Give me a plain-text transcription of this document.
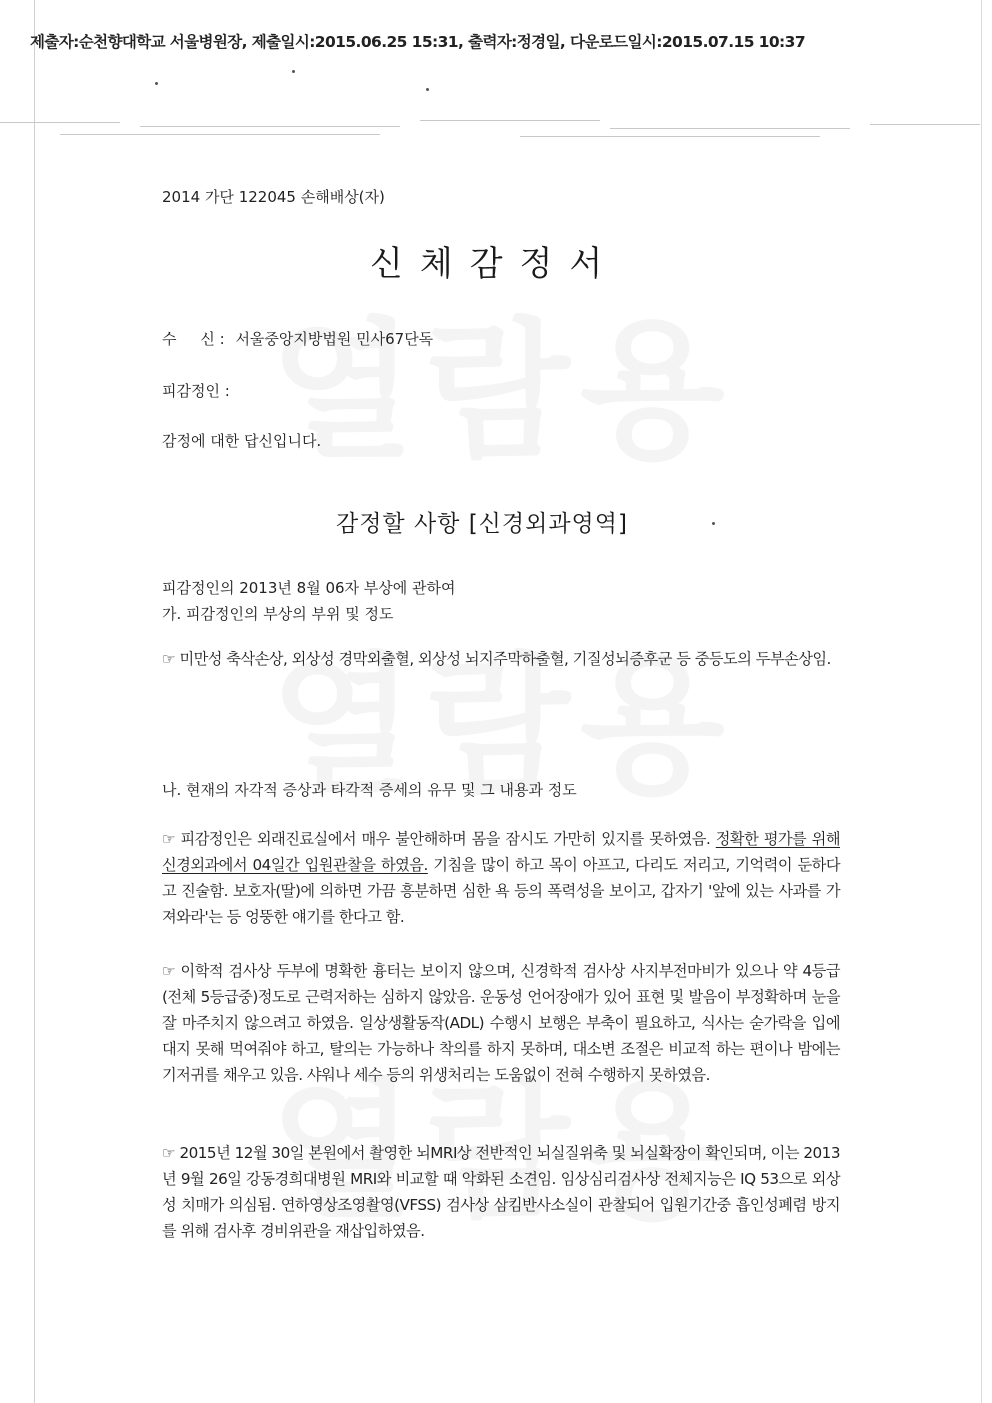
제출자:순천향대학교 서울병원장, 제출일시:2015.06.25 15:31, 출력자:정경일, 다운로드일시:2015.07.15 10:37
2014 가단 122045 손해배상(자)
신체감정서
수     신 : 서울중앙지방법원 민사67단독
피감정인 :
감정에 대한 답신입니다.
감정할 사항 [신경외과영역]
피감정인의 2013년 8월 06자 부상에 관하여
가. 피감정인의 부상의 부위 및 정도
☞ 미만성 축삭손상, 외상성 경막외출혈, 외상성 뇌지주막하출혈, 기질성뇌증후군 등 중등도의 두부손상임.
나. 현재의 자각적 증상과 타각적 증세의 유무 및 그 내용과 정도
☞ 피감정인은 외래진료실에서 매우 불안해하며 몸을 잠시도 가만히 있지를 못하였음. 정확한 평가를 위해 신경외과에서 04일간 입원관찰을 하였음. 기침을 많이 하고 목이 아프고, 다리도 저리고, 기억력이 둔하다고 진술함. 보호자(딸)에 의하면 가끔 흥분하면 심한 욕 등의 폭력성을 보이고, 갑자기 '앞에 있는 사과를 가져와라'는 등 엉뚱한 얘기를 한다고 함.
☞ 이학적 검사상 두부에 명확한 흉터는 보이지 않으며, 신경학적 검사상 사지부전마비가 있으나 약 4등급(전체 5등급중)정도로 근력저하는 심하지 않았음. 운동성 언어장애가 있어 표현 및 발음이 부정확하며 눈을 잘 마주치지 않으려고 하였음. 일상생활동작(ADL) 수행시 보행은 부축이 필요하고, 식사는 숟가락을 입에 대지 못해 먹여줘야 하고, 탈의는 가능하나 착의를 하지 못하며, 대소변 조절은 비교적 하는 편이나 밤에는 기저귀를 채우고 있음. 샤워나 세수 등의 위생처리는 도움없이 전혀 수행하지 못하였음.
☞ 2015년 12월 30일 본원에서 촬영한 뇌MRI상 전반적인 뇌실질위축 및 뇌실확장이 확인되며, 이는 2013년 9월 26일 강동경희대병원 MRI와 비교할 때 악화된 소견임. 임상심리검사상 전체지능은 IQ 53으로 외상성 치매가 의심됨. 연하영상조영촬영(VFSS) 검사상 삼킴반사소실이 관찰되어 입원기간중 흡인성폐렴 방지를 위해 검사후 경비위관을 재삽입하였음.
